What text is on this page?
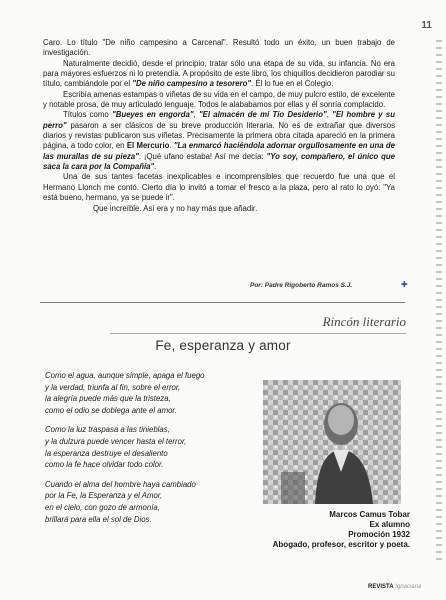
11

Caro. Lo título "De niño campesino a Carcenal". Resultó todo un éxito, un buen trabajo de investigación.

Naturalmente decidió, desde el principio, tratar sólo una etapa de su vida, su infancia. No era para mayores esfuerzos ni lo pretendía. A propósito de este libro, los chiquillos decidieron parodiar su título, cambiándole por el "De niño campesino a tesorero". Él lo fue en el Colegio.

Escribía amenas estampas o viñetas de su vida en el campo, de muy pulcro estilo, de excelente y notable prosa, de muy articulado lenguaje. Todos le alababamos por ellas y él sonría complacido.

Títulos como "Bueyes en engorda", "El almacén de mi Tío Desiderio", "El hombre y su perro" pasaron a ser clásicos de su breve producción literaria. No es de extrañar que diversos diarios y revistas publicaron sus viñetas. Precisamente la primera obra citada apareció en la primera página, a todo color, en El Mercurio. "La enmarcó haciéndola adornar orgullosamente en una de las murallas de su pieza". ¡Qué ufano estaba! Así me decía: "Yo soy, compañero, el único que saca la cara por la Compañía".

Una de sus tantes facetas inexplicables e incomprensibles que recuerdo fue una que el Hermano Llonch me contó. Cierto día lo invitó a tomar el fresco a la plaza, pero al rato lo oyó: "Ya está bueno, hermano, ya se puede ir".

Que increíble. Así era y no hay más que añadir.

Por: Padre Rigoberto Ramos S.J.	✚
Rincón literario
Fe, esperanza y amor
Como el agua, aunque simple, apaga el fuego
y la verdad, triunfa al fin, sobre el error,
la alegría puede más que la tristeza,
como el odio se doblega ante el amor.
Como la luz traspasa a las tinieblas,
y la dulzura puede vencer hasta el terror,
la esperanza destruye el desaliento
como la fe hace olvidar todo color.
Cuando el alma del hombre haya cambiado
por la Fe, la Esperanza y el Amor,
en el cielo, con gozo de armonía,
brillará para ella el sol de Dios.
Marcos Camus Tobar
Ex alumno
Promoción 1932
Abogado, profesor, escritor y poeta.
REVISTA Ignaciana
